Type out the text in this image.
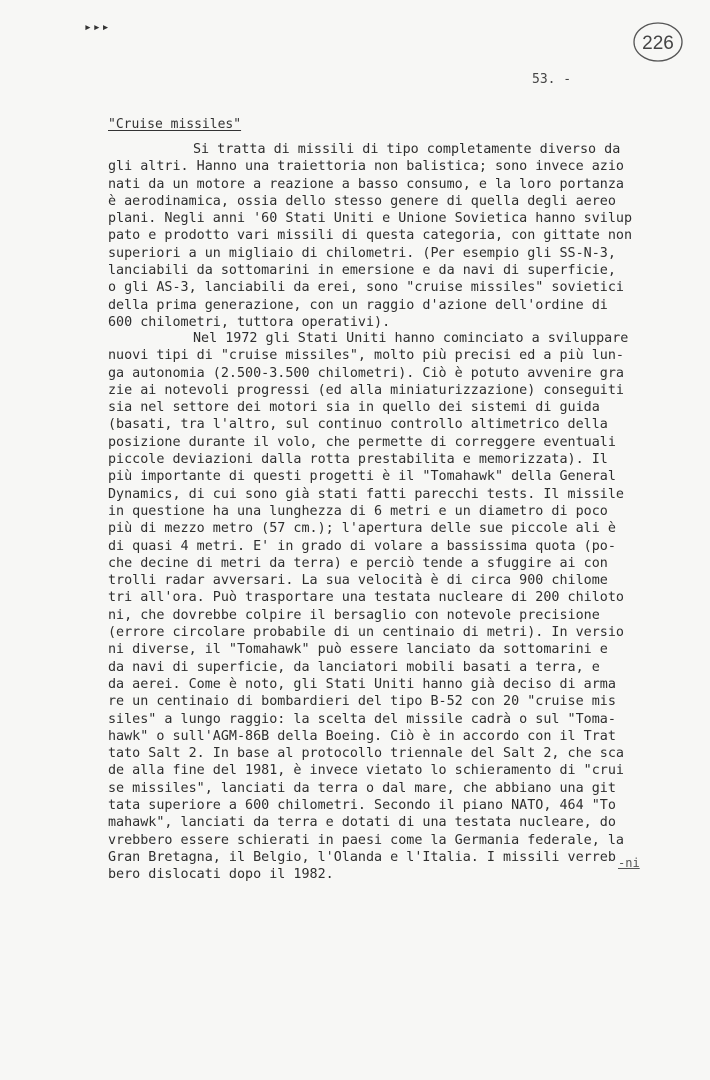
▸▸▸
226
53. -
"Cruise missiles"
Si tratta di missili di tipo completamente diverso da
gli altri. Hanno una traiettoria non balistica; sono invece azio
nati da un motore a reazione a basso consumo, e la loro portanza
è aerodinamica, ossia dello stesso genere di quella degli aereo
plani. Negli anni '60 Stati Uniti e Unione Sovietica hanno svilup
pato e prodotto vari missili di questa categoria, con gittate non
superiori a un migliaio di chilometri. (Per esempio gli SS-N-3,
lanciabili da sottomarini in emersione e da navi di superficie,
o gli AS-3, lanciabili da erei, sono "cruise missiles" sovietici
della prima generazione, con un raggio d'azione dell'ordine di
600 chilometri, tuttora operativi).
Nel 1972 gli Stati Uniti hanno cominciato a sviluppare
nuovi tipi di "cruise missiles", molto più precisi ed a più lun-
ga autonomia (2.500-3.500 chilometri). Ciò è potuto avvenire gra
zie ai notevoli progressi (ed alla miniaturizzazione) conseguiti
sia nel settore dei motori sia in quello dei sistemi di guida
(basati, tra l'altro, sul continuo controllo altimetrico della
posizione durante il volo, che permette di correggere eventuali
piccole deviazioni dalla rotta prestabilita e memorizzata). Il
più importante di questi progetti è il "Tomahawk" della General
Dynamics, di cui sono già stati fatti parecchi tests. Il missile
in questione ha una lunghezza di 6 metri e un diametro di poco
più di mezzo metro (57 cm.); l'apertura delle sue piccole ali è
di quasi 4 metri. E' in grado di volare a bassissima quota (po-
che decine di metri da terra) e perciò tende a sfuggire ai con
trolli radar avversari. La sua velocità è di circa 900 chilome
tri all'ora. Può trasportare una testata nucleare di 200 chiloto
ni, che dovrebbe colpire il bersaglio con notevole precisione
(errore circolare probabile di un centinaio di metri). In versio
ni diverse, il "Tomahawk" può essere lanciato da sottomarini e
da navi di superficie, da lanciatori mobili basati a terra, e
da aerei. Come è noto, gli Stati Uniti hanno già deciso di arma
re un centinaio di bombardieri del tipo B-52 con 20 "cruise mis
siles" a lungo raggio: la scelta del missile cadrà o sul "Toma-
hawk" o sull'AGM-86B della Boeing. Ciò è in accordo con il Trat
tato Salt 2. In base al protocollo triennale del Salt 2, che sca
de alla fine del 1981, è invece vietato lo schieramento di "crui
se missiles", lanciati da terra o dal mare, che abbiano una git
tata superiore a 600 chilometri. Secondo il piano NATO, 464 "To
mahawk", lanciati da terra e dotati di una testata nucleare, do
vrebbero essere schierati in paesi come la Germania federale, la
Gran Bretagna, il Belgio, l'Olanda e l'Italia. I missili verreb
bero dislocati dopo il 1982.
-ni
